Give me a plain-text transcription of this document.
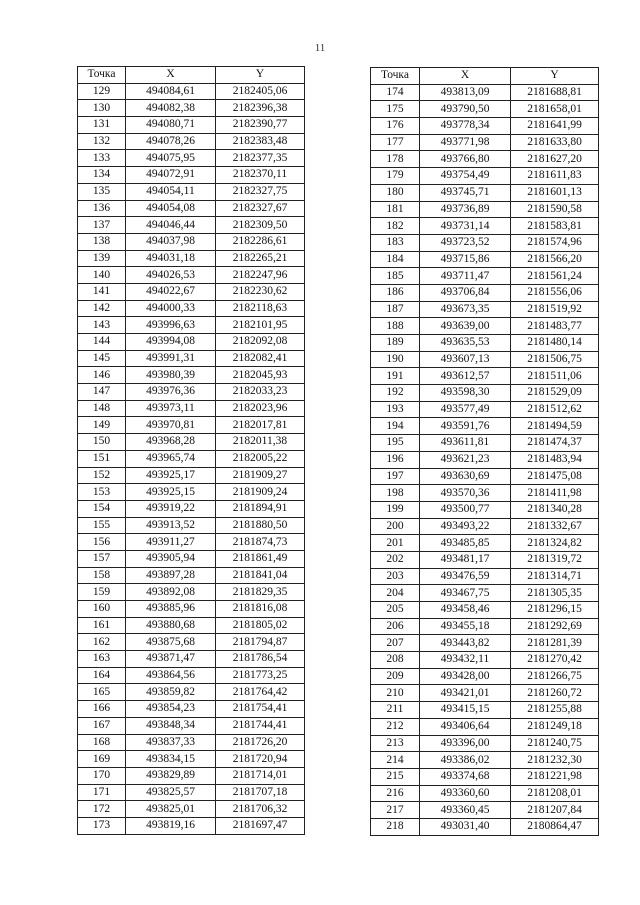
11
Точка	X	Y
129	494084,61	2182405,06
130	494082,38	2182396,38
131	494080,71	2182390,77
132	494078,26	2182383,48
133	494075,95	2182377,35
134	494072,91	2182370,11
135	494054,11	2182327,75
136	494054,08	2182327,67
137	494046,44	2182309,50
138	494037,98	2182286,61
139	494031,18	2182265,21
140	494026,53	2182247,96
141	494022,67	2182230,62
142	494000,33	2182118,63
143	493996,63	2182101,95
144	493994,08	2182092,08
145	493991,31	2182082,41
146	493980,39	2182045,93
147	493976,36	2182033,23
148	493973,11	2182023,96
149	493970,81	2182017,81
150	493968,28	2182011,38
151	493965,74	2182005,22
152	493925,17	2181909,27
153	493925,15	2181909,24
154	493919,22	2181894,91
155	493913,52	2181880,50
156	493911,27	2181874,73
157	493905,94	2181861,49
158	493897,28	2181841,04
159	493892,08	2181829,35
160	493885,96	2181816,08
161	493880,68	2181805,02
162	493875,68	2181794,87
163	493871,47	2181786,54
164	493864,56	2181773,25
165	493859,82	2181764,42
166	493854,23	2181754,41
167	493848,34	2181744,41
168	493837,33	2181726,20
169	493834,15	2181720,94
170	493829,89	2181714,01
171	493825,57	2181707,18
172	493825,01	2181706,32
173	493819,16	2181697,47
Точка	X	Y
174	493813,09	2181688,81
175	493790,50	2181658,01
176	493778,34	2181641,99
177	493771,98	2181633,80
178	493766,80	2181627,20
179	493754,49	2181611,83
180	493745,71	2181601,13
181	493736,89	2181590,58
182	493731,14	2181583,81
183	493723,52	2181574,96
184	493715,86	2181566,20
185	493711,47	2181561,24
186	493706,84	2181556,06
187	493673,35	2181519,92
188	493639,00	2181483,77
189	493635,53	2181480,14
190	493607,13	2181506,75
191	493612,57	2181511,06
192	493598,30	2181529,09
193	493577,49	2181512,62
194	493591,76	2181494,59
195	493611,81	2181474,37
196	493621,23	2181483,94
197	493630,69	2181475,08
198	493570,36	2181411,98
199	493500,77	2181340,28
200	493493,22	2181332,67
201	493485,85	2181324,82
202	493481,17	2181319,72
203	493476,59	2181314,71
204	493467,75	2181305,35
205	493458,46	2181296,15
206	493455,18	2181292,69
207	493443,82	2181281,39
208	493432,11	2181270,42
209	493428,00	2181266,75
210	493421,01	2181260,72
211	493415,15	2181255,88
212	493406,64	2181249,18
213	493396,00	2181240,75
214	493386,02	2181232,30
215	493374,68	2181221,98
216	493360,60	2181208,01
217	493360,45	2181207,84
218	493031,40	2180864,47
